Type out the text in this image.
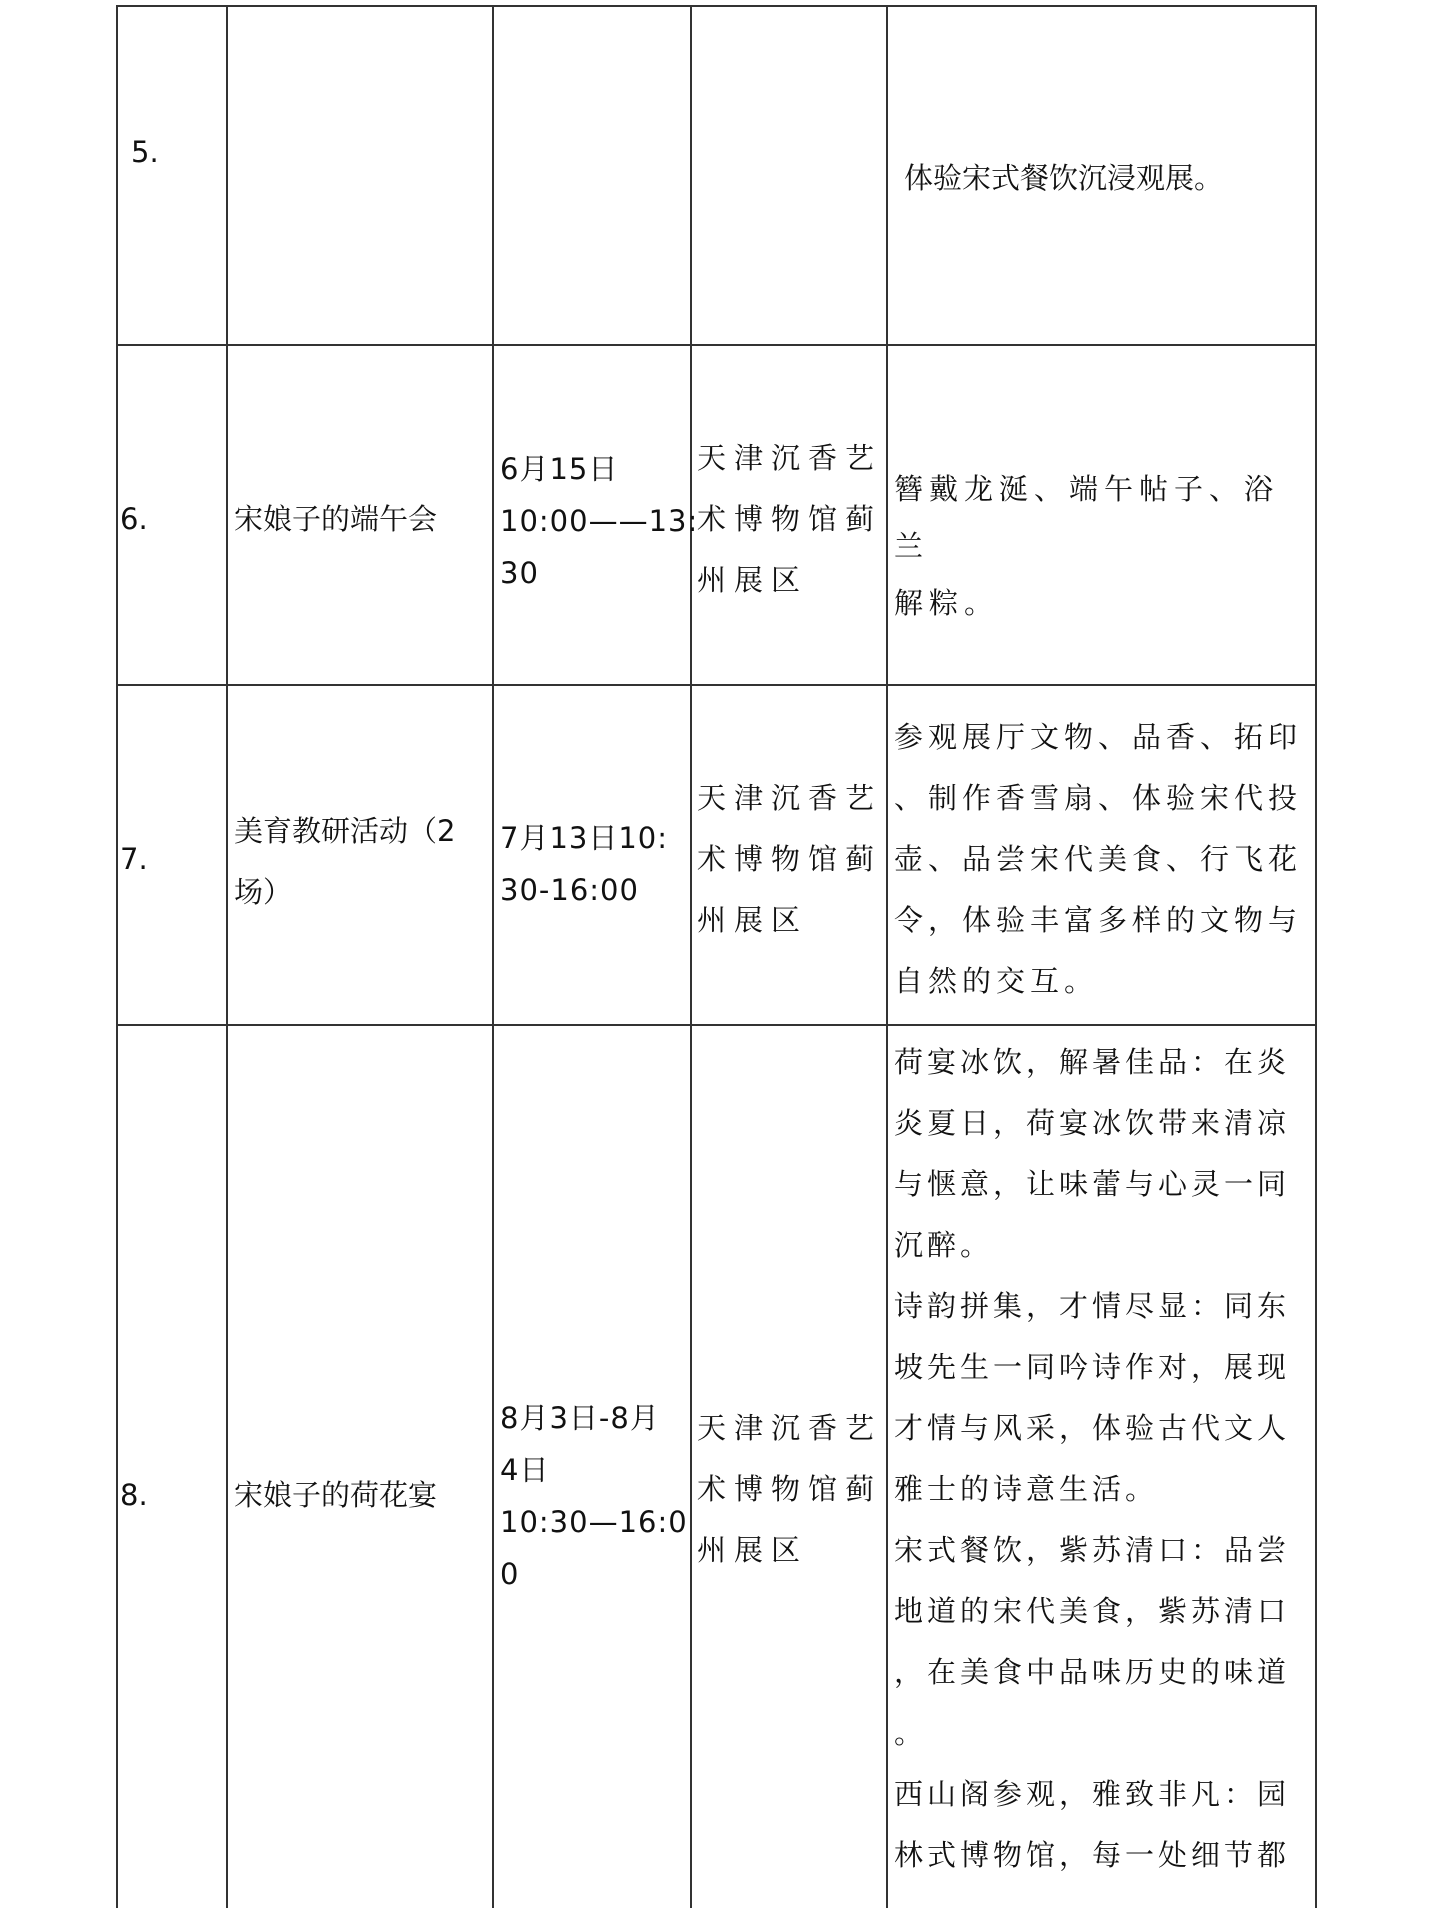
5.
体验宋式餐饮沉浸观展。
6.	宋娘子的端午会
6月15日
10:00——13:
30
天津沉香艺
术博物馆蓟
州展区
簪戴龙涎、端午帖子、浴兰
解粽。
7.
美育教研活动（2
场）
7月13日10:
30-16:00
天津沉香艺
术博物馆蓟
州展区
参观展厅文物、品香、拓印
、制作香雪扇、体验宋代投
壶、品尝宋代美食、行飞花
令，体验丰富多样的文物与
自然的交互。
8.	宋娘子的荷花宴
8月3日-8月
4日
10:30—16:0
0
天津沉香艺
术博物馆蓟
州展区
荷宴冰饮，解暑佳品：在炎
炎夏日，荷宴冰饮带来清凉
与惬意，让味蕾与心灵一同
沉醉。
诗韵拼集，才情尽显：同东
坡先生一同吟诗作对，展现
才情与风采，体验古代文人
雅士的诗意生活。
宋式餐饮，紫苏清口：品尝
地道的宋代美食，紫苏清口
，在美食中品味历史的味道
。
西山阁参观，雅致非凡：园
林式博物馆，每一处细节都
